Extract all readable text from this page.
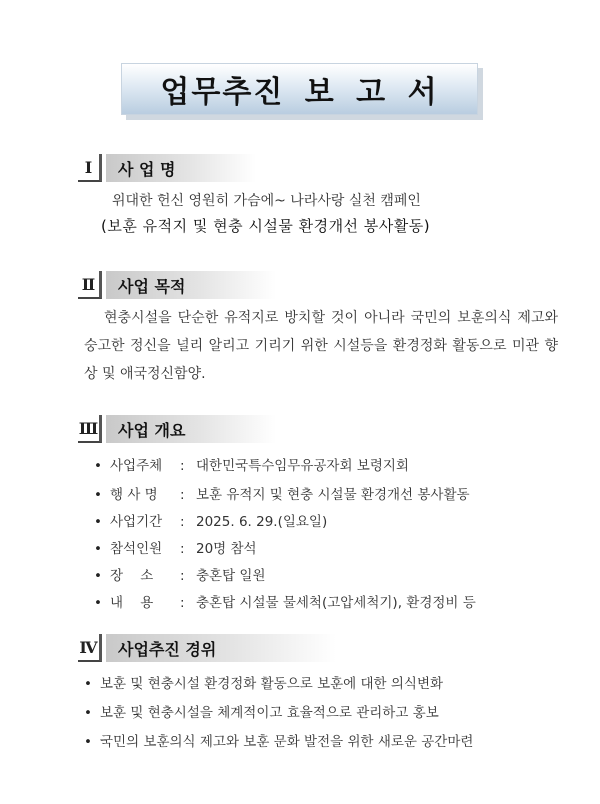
업무추진 보 고 서
Ⅰ	사 업 명
위대한 헌신 영원히 가슴에~ 나라사랑 실천 캠페인
(보훈 유적지 및 현충 시설물 환경개선 봉사활동)
Ⅱ	사업 목적
현충시설을 단순한 유적지로 방치할 것이 아니라 국민의 보훈의식 제고와 숭고한 정신을 널리 알리고 기리기 위한 시설등을 환경정화 활동으로 미관 향상 및 애국정신함양.
Ⅲ	사업 개요
• 사업주체 : 대한민국특수임무유공자회 보령지회
• 행 사 명 : 보훈 유적지 및 현충 시설물 환경개선 봉사활동
• 사업기간 : 2025. 6. 29.(일요일)
• 참석인원 : 20명 참석
• 장    소 : 충혼탑 일원
• 내    용 : 충혼탑 시설물 물세척(고압세척기), 환경정비 등
Ⅳ	사업추진 경위
• 보훈 및 현충시설 환경정화 활동으로 보훈에 대한 의식변화
• 보훈 및 현충시설을 체계적이고 효율적으로 관리하고 홍보
• 국민의 보훈의식 제고와 보훈 문화 발전을 위한 새로운 공간마련
